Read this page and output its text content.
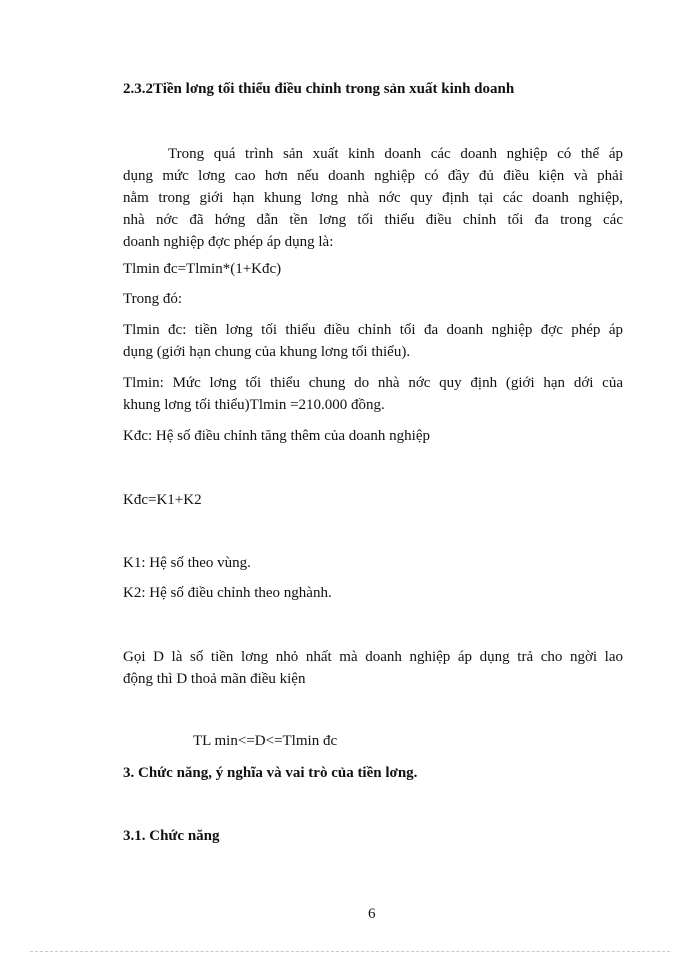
2.3.2Tiền lơng tối thiểu điều chỉnh trong sản xuất kinh doanh

Trong quá trình sản xuất kinh doanh các doanh nghiệp có thể áp
dụng mức lơng cao hơn nếu doanh nghiệp có đầy đủ điều kiện và phải
nằm trong giới hạn khung lơng nhà nớc quy định tại các doanh nghiệp,
nhà nớc đã hớng dẫn tền lơng tối thiểu điều chỉnh tối đa trong các
doanh nghiệp đợc phép áp dụng là:

Tlmin đc=Tlmin*(1+Kđc)

Trong đó:

Tlmin đc: tiền lơng tối thiểu điều chỉnh tối đa doanh nghiệp đợc phép áp
dụng (giới hạn chung của khung lơng tối thiểu).
Tlmin: Mức lơng tối thiểu chung do nhà nớc quy định (giới hạn dới của
khung lơng tối thiểu)Tlmin =210.000 đồng.

Kđc: Hệ số điều chỉnh tăng thêm của doanh nghiệp

Kđc=K1+K2

K1: Hệ số theo vùng.

K2: Hệ số điều chỉnh theo nghành.

Gọi D là số tiền lơng nhỏ nhất mà doanh nghiệp áp dụng trả cho ngời lao
động thì D thoả mãn điều kiện

TL min<=D<=Tlmin đc

3. Chức năng, ý nghĩa và vai trò của tiền lơng.

3.1. Chức năng

6
